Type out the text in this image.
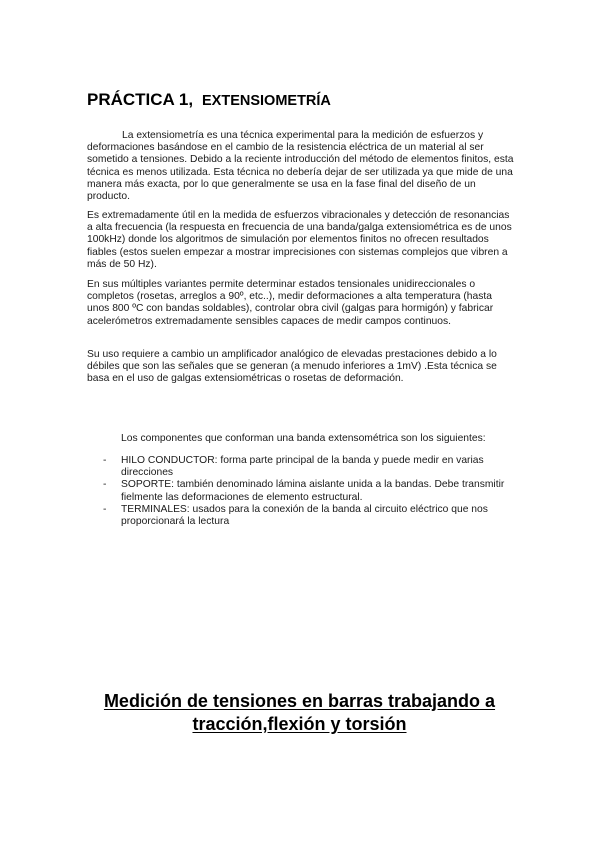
PRÁCTICA 1, EXTENSIOMETRÍA

La extensiometría es una técnica experimental para la medición de esfuerzos y deformaciones basándose en el cambio de la resistencia eléctrica de un material al ser sometido a tensiones. Debido a la reciente introducción del método de elementos finitos, esta técnica es menos utilizada. Esta técnica no debería dejar de ser utilizada ya que mide de una manera más exacta, por lo que generalmente se usa en la fase final del diseño de un producto.

Es extremadamente útil en la medida de esfuerzos vibracionales y detección de resonancias a alta frecuencia (la respuesta en frecuencia de una banda/galga extensiométrica es de unos 100kHz) donde los algoritmos de simulación por elementos finitos no ofrecen resultados fiables (estos suelen empezar a mostrar imprecisiones con sistemas complejos que vibren a más de 50 Hz).

En sus múltiples variantes permite determinar estados tensionales unidireccionales o completos (rosetas, arreglos a 90º, etc..), medir deformaciones a alta temperatura (hasta unos 800 ºC con bandas soldables), controlar obra civil (galgas para hormigón) y fabricar acelerómetros extremadamente sensibles capaces de medir campos continuos.

Su uso requiere a cambio un amplificador analógico de elevadas prestaciones debido a lo débiles que son las señales que se generan (a menudo inferiores a 1mV) .Esta técnica se basa en el uso de galgas extensiométricas o rosetas de deformación.

Los componentes que conforman una banda extensométrica son los siguientes:

- HILO CONDUCTOR: forma parte principal de la banda y puede medir en varias direcciones
- SOPORTE: también denominado lámina aislante unida a la bandas. Debe transmitir fielmente las deformaciones de elemento estructural.
- TERMINALES: usados para la conexión de la banda al circuito eléctrico que nos proporcionará la lectura
Medición de tensiones en barras trabajando a tracción,flexión y torsión
